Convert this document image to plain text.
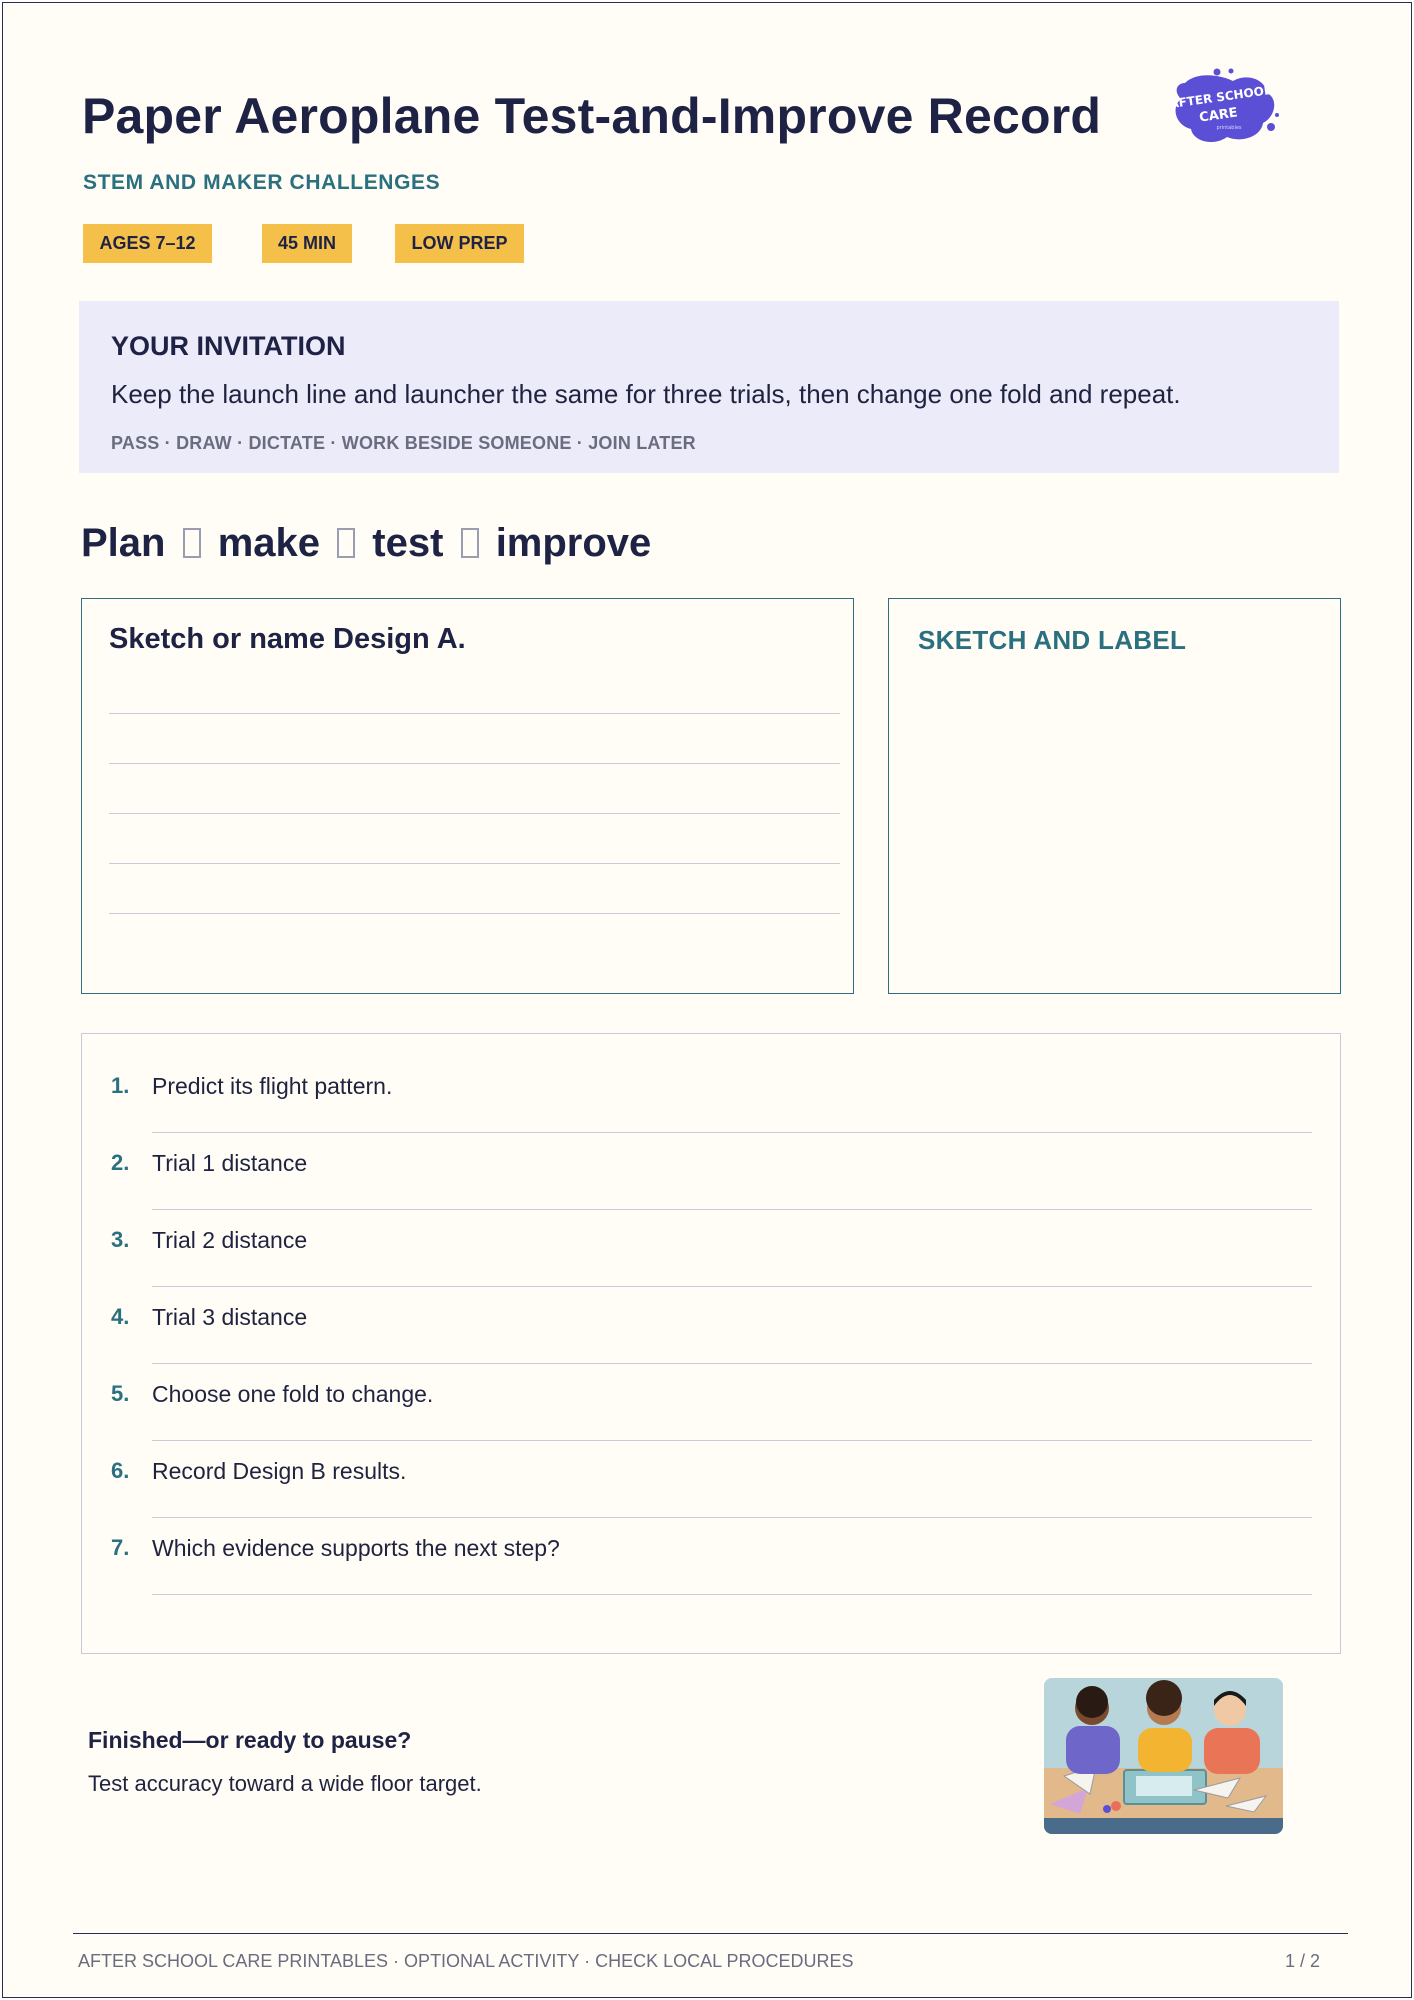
Paper Aeroplane Test-and-Improve Record
STEM AND MAKER CHALLENGES
AFTER SCHOOL
CARE
printables
AGES 7–12	45 MIN	LOW PREP
YOUR INVITATION
Keep the launch line and launcher the same for three trials, then change one fold and repeat.
PASS · DRAW · DICTATE · WORK BESIDE SOMEONE · JOIN LATER
Plan make test improve
Sketch or name Design A.	SKETCH AND LABEL
1. Predict its flight pattern.
2. Trial 1 distance
3. Trial 2 distance
4. Trial 3 distance
5. Choose one fold to change.
6. Record Design B results.
7. Which evidence supports the next step?
Finished—or ready to pause?
Test accuracy toward a wide floor target.
AFTER SCHOOL CARE PRINTABLES · OPTIONAL ACTIVITY · CHECK LOCAL PROCEDURES	1 / 2
